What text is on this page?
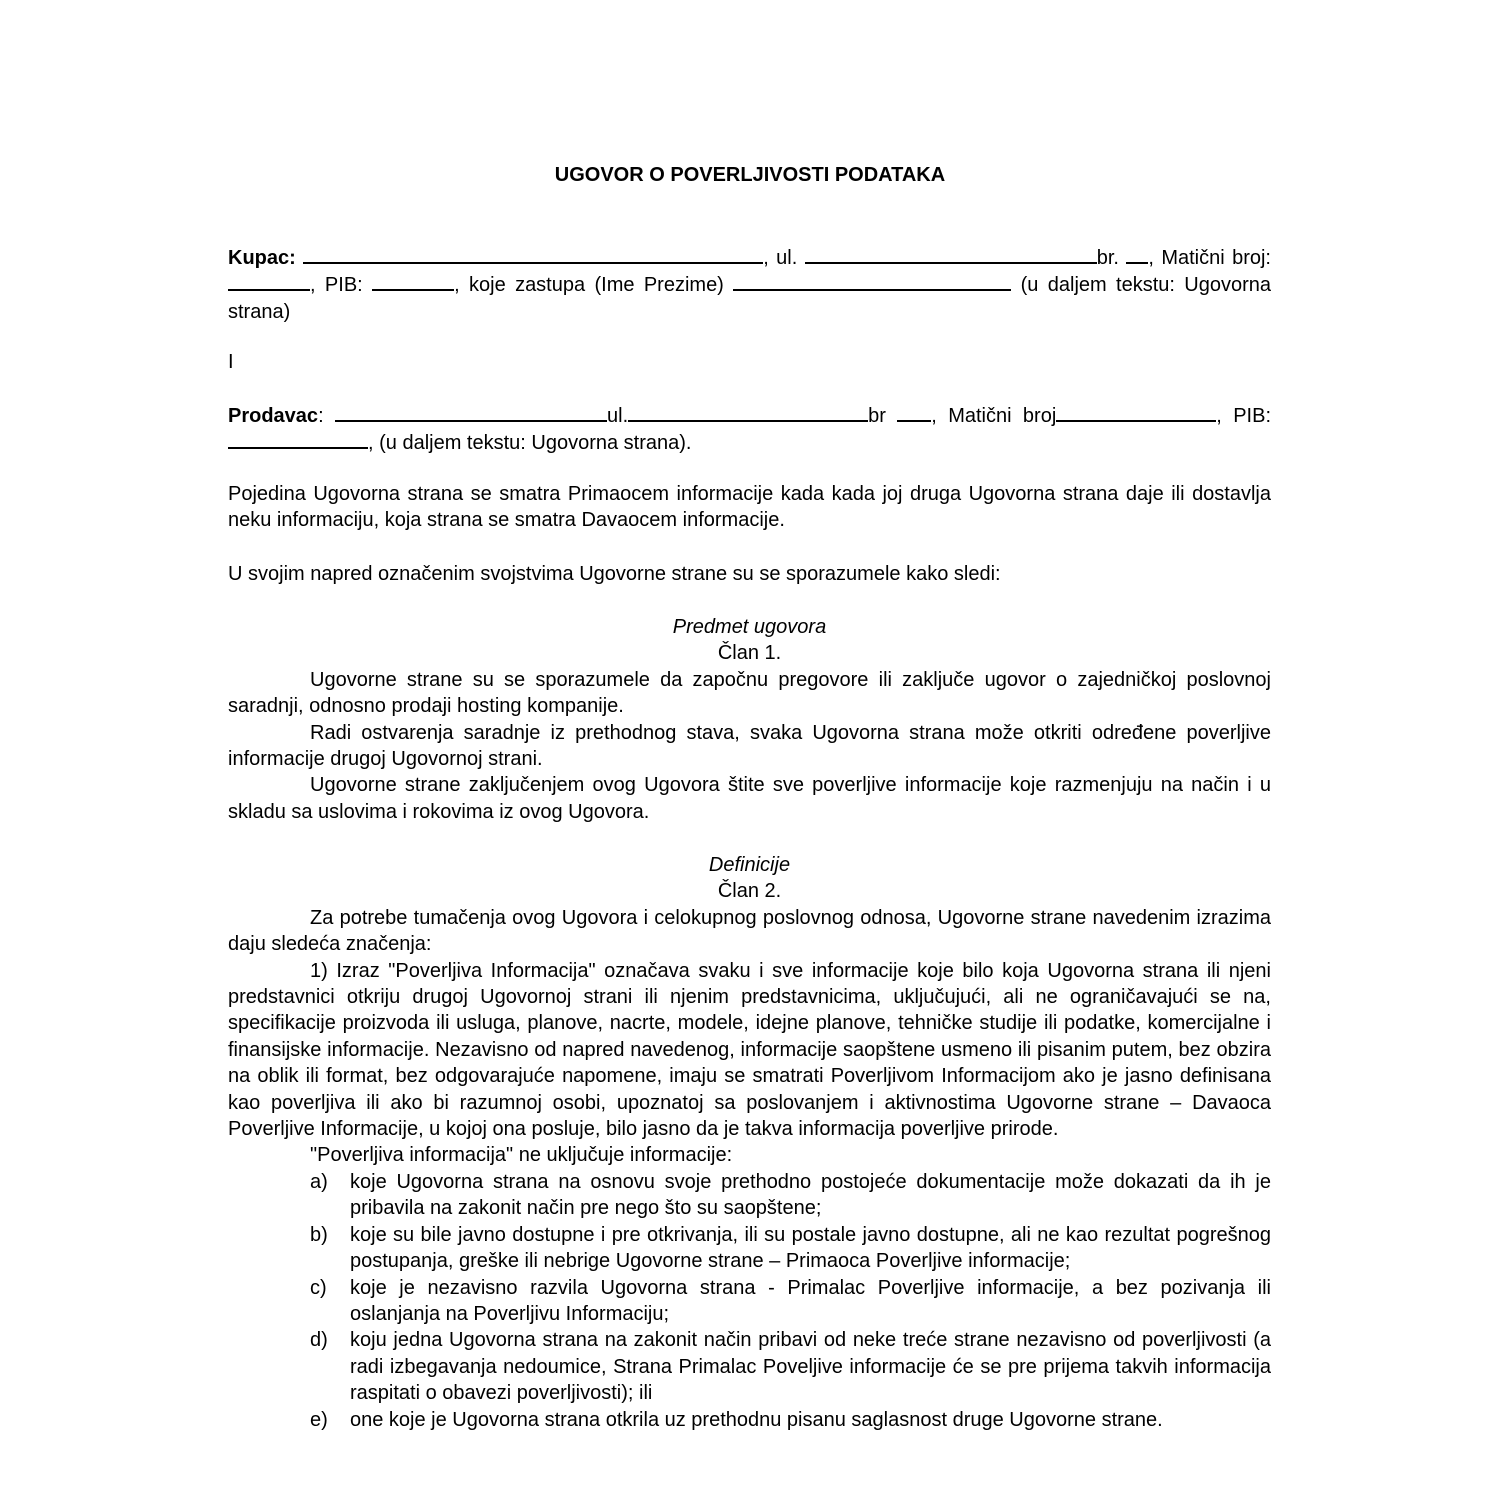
UGOVOR O POVERLJIVOSTI PODATAKA
Kupac:	, ul.	br. , Matični broj: , PIB:	, koje zastupa (Ime Prezime)	(u daljem tekstu: Ugovorna strana)
I
Prodavac:	ul.	br , Matični broj	, PIB:, (u daljem tekstu: Ugovorna strana).
Pojedina Ugovorna strana se smatra Primaocem informacije kada kada joj druga Ugovorna strana daje ili dostavlja neku informaciju, koja strana se smatra Davaocem informacije.
U svojim napred označenim svojstvima Ugovorne strane su se sporazumele kako sledi:

Predmet ugovora

Član 1.

Ugovorne strane su se sporazumele da započnu pregovore ili zaključe ugovor o zajedničkoj poslovnoj saradnji, odnosno prodaji hosting kompanije.

Radi ostvarenja saradnje iz prethodnog stava, svaka Ugovorna strana može otkriti određene poverljive informacije drugoj Ugovornoj strani.

Ugovorne strane zaključenjem ovog Ugovora štite sve poverljive informacije koje razmenjuju na način i u skladu sa uslovima i rokovima iz ovog Ugovora.

Definicije

Član 2.

Za potrebe tumačenja ovog Ugovora i celokupnog poslovnog odnosa, Ugovorne strane navedenim izrazima daju sledeća značenja:

1) Izraz "Poverljiva Informacija" označava svaku i sve informacije koje bilo koja Ugovorna strana ili njeni predstavnici otkriju drugoj Ugovornoj strani ili njenim predstavnicima, uključujući, ali ne ograničavajući se na, specifikacije proizvoda ili usluga, planove, nacrte, modele, idejne planove, tehničke studije ili podatke, komercijalne i finansijske informacije. Nezavisno od napred navedenog, informacije saopštene usmeno ili pisanim putem, bez obzira na oblik ili format, bez odgovarajuće napomene, imaju se smatrati Poverljivom Informacijom ako je jasno definisana kao poverljiva ili ako bi razumnoj osobi, upoznatoj sa poslovanjem i aktivnostima Ugovorne strane – Davaoca Poverljive Informacije, u kojoj ona posluje, bilo jasno da je takva informacija poverljive prirode.

"Poverljiva informacija" ne uključuje informacije:

a) koje Ugovorna strana na osnovu svoje prethodno postojeće dokumentacije može dokazati da ih je pribavila na zakonit način pre nego što su saopštene;

b) koje su bile javno dostupne i pre otkrivanja, ili su postale javno dostupne, ali ne kao rezultat pogrešnog postupanja, greške ili nebrige Ugovorne strane – Primaoca Poverljive informacije;

c) koje je nezavisno razvila Ugovorna strana - Primalac Poverljive informacije, a bez pozivanja ili oslanjanja na Poverljivu Informaciju;

d) koju jedna Ugovorna strana na zakonit način pribavi od neke treće strane nezavisno od poverljivosti (a radi izbegavanja nedoumice, Strana Primalac Poveljive informacije će se pre prijema takvih informacija raspitati o obavezi poverljivosti); ili

e) one koje je Ugovorna strana otkrila uz prethodnu pisanu saglasnost druge Ugovorne strane.
